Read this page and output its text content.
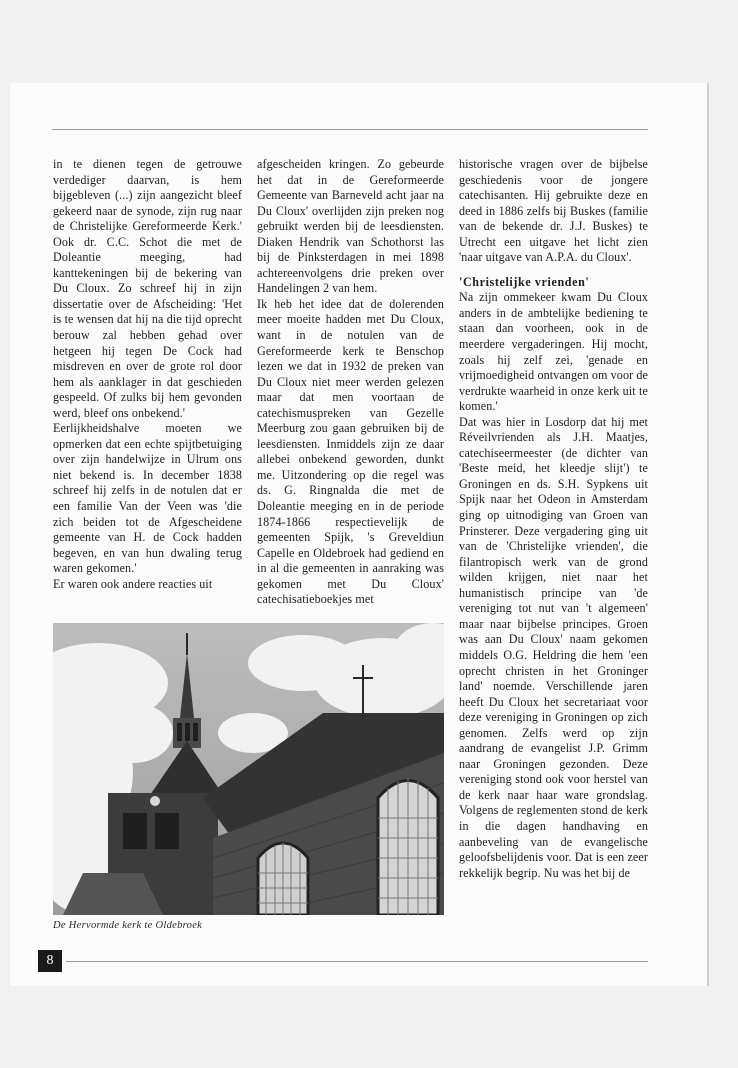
in te dienen tegen de getrouwe verdediger daarvan, is hem bijgebleven (...) zijn aangezicht bleef gekeerd naar de synode, zijn rug naar de Christelijke Gereformeerde Kerk.' Ook dr. C.C. Schot die met de Doleantie meeging, had kanttekeningen bij de bekering van Du Cloux. Zo schreef hij in zijn dissertatie over de Afscheiding: 'Het is te wensen dat hij na die tijd oprecht berouw zal hebben gehad over hetgeen hij tegen De Cock had misdreven en over de grote rol door hem als aanklager in dat geschieden gespeeld. Of zulks bij hem gevonden werd, bleef ons onbekend.'

Eerlijkheidshalve moeten we opmerken dat een echte spijtbetuiging over zijn handelwijze in Ulrum ons niet bekend is. In december 1838 schreef hij zelfs in de notulen dat er een familie Van der Veen was 'die zich beiden tot de Afgescheidene gemeente van H. de Cock hadden begeven, en van hun dwaling terug waren gekomen.'

Er waren ook andere reacties uit

afgescheiden kringen. Zo gebeurde het dat in de Gereformeerde Gemeente van Barneveld acht jaar na Du Cloux' overlijden zijn preken nog gebruikt werden bij de leesdiensten. Diaken Hendrik van Schothorst las bij de Pinksterdagen in mei 1898 achtereenvolgens drie preken over Handelingen 2 van hem.

Ik heb het idee dat de dolerenden meer moeite hadden met Du Cloux, want in de notulen van de Gereformeerde kerk te Benschop lezen we dat in 1932 de preken van Du Cloux niet meer werden gelezen maar dat men voortaan de catechismuspreken van Gezelle Meerburg zou gaan gebruiken bij de leesdiensten. Inmiddels zijn ze daar allebei onbekend geworden, dunkt me. Uitzondering op die regel was ds. G. Ringnalda die met de Doleantie meeging en in de periode 1874-1866 respectievelijk de gemeenten Spijk, 's Greveldiun Capelle en Oldebroek had gediend en in al die gemeenten in aanraking was gekomen met Du Cloux' catechisatieboekjes met

historische vragen over de bijbelse geschiedenis voor de jongere catechisanten. Hij gebruikte deze en deed in 1886 zelfs bij Buskes (familie van de bekende dr. J.J. Buskes) te Utrecht een uitgave het licht zien 'naar uitgave van A.P.A. du Cloux'.

'Christelijke vrienden'

Na zijn ommekeer kwam Du Cloux anders in de ambtelijke bediening te staan dan voorheen, ook in de meerdere vergaderingen. Hij mocht, zoals hij zelf zei, 'genade en vrijmoedigheid ontvangen om voor de verdrukte waarheid in onze kerk uit te komen.'

Dat was hier in Losdorp dat hij met Réveilvrienden als J.H. Maatjes, catechiseermeester (de dichter van 'Beste meid, het kleedje slijt') te Groningen en ds. S.H. Sypkens uit Spijk naar het Odeon in Amsterdam ging op uitnodiging van Groen van Prinsterer. Deze vergadering ging uit van de 'Christelijke vrienden', die filantropisch werk van de grond wilden krijgen, niet naar het humanistisch principe van 'de vereniging tot nut van 't algemeen' maar naar bijbelse principes. Groen was aan Du Cloux' naam gekomen middels O.G. Heldring die hem 'een oprecht christen in het Groninger land' noemde. Verschillende jaren heeft Du Cloux het secretariaat voor deze vereniging in Groningen op zich genomen. Zelfs werd op zijn aandrang de evangelist J.P. Grimm naar Groningen gezonden. Deze vereniging stond ook voor herstel van de kerk naar haar ware grondslag. Volgens de reglementen stond de kerk in die dagen handhaving en aanbeveling van de evangelische geloofsbelijdenis voor. Dat is een zeer rekkelijk begrip. Nu was het bij de

De Hervormde kerk te Oldebroek
8
